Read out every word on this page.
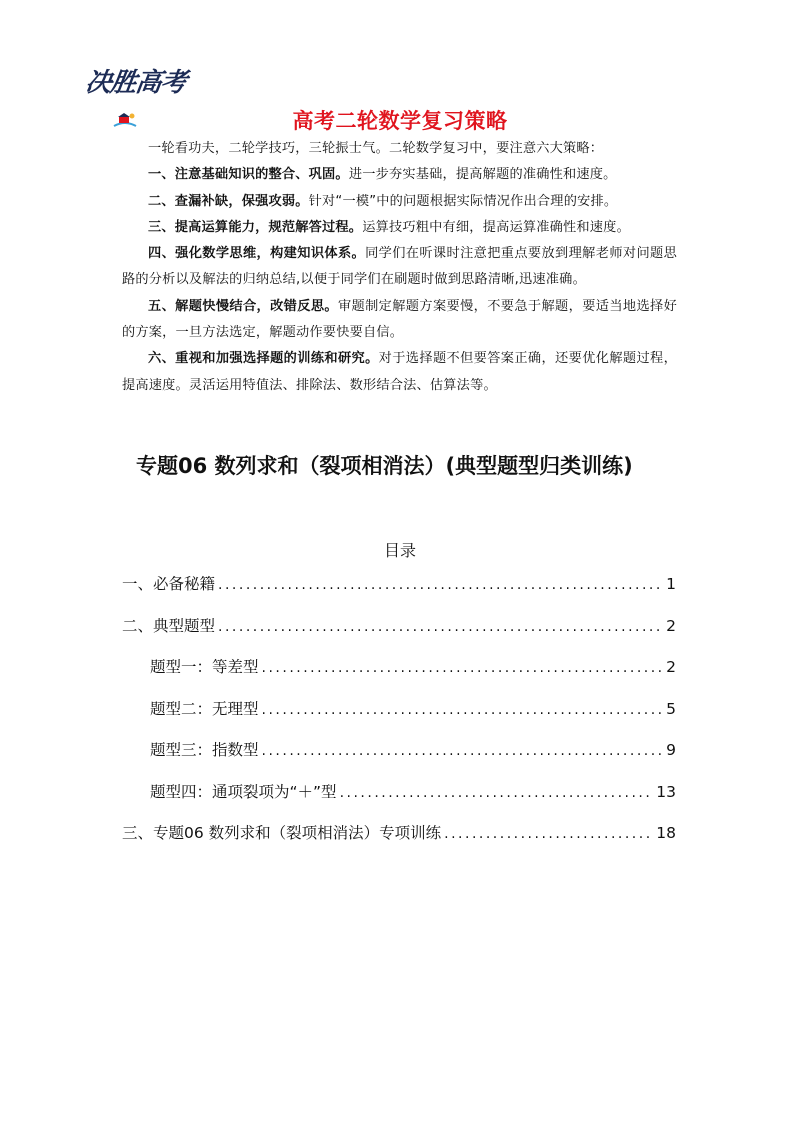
决胜高考
高考二轮数学复习策略

一轮看功夫，二轮学技巧，三轮振士气。二轮数学复习中，要注意六大策略：

一、注意基础知识的整合、巩固。进一步夯实基础，提高解题的准确性和速度。

二、查漏补缺，保强攻弱。针对“一模”中的问题根据实际情况作出合理的安排。

三、提高运算能力，规范解答过程。运算技巧粗中有细，提高运算准确性和速度。

四、强化数学思维，构建知识体系。同学们在听课时注意把重点要放到理解老师对问题思路的分析以及解法的归纳总结,以便于同学们在刷题时做到思路清晰,迅速准确。

五、解题快慢结合，改错反思。审题制定解题方案要慢，不要急于解题，要适当地选择好的方案，一旦方法选定，解题动作要快要自信。

六、重视和加强选择题的训练和研究。对于选择题不但要答案正确，还要优化解题过程，提高速度。灵活运用特值法、排除法、数形结合法、估算法等。

专题06 数列求和（裂项相消法）(典型题型归类训练)
目录
一、必备秘籍 .....	1
二、典型题型 .....	2
题型一：等差型 .....	2
题型二：无理型 .....	5
题型三：指数型 .....	9
题型四：通项裂项为“＋”型 .....	13
三、专题06 数列求和（裂项相消法）专项训练 .....	18
